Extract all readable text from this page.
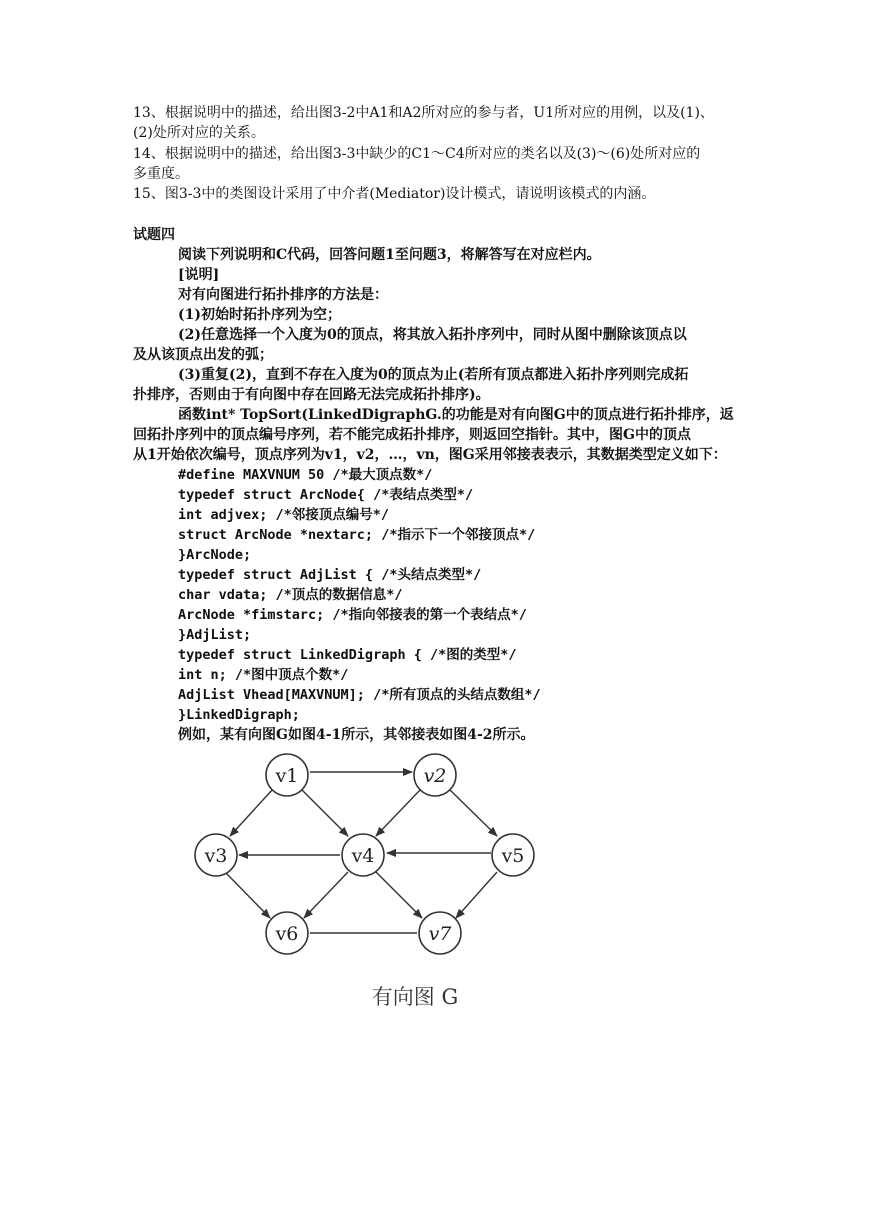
13、根据说明中的描述，给出图3-2中A1和A2所对应的参与者，U1所对应的用例，以及(1)、
(2)处所对应的关系。
14、根据说明中的描述，给出图3-3中缺少的C1～C4所对应的类名以及(3)～(6)处所对应的
多重度。
15、图3-3中的类图设计采用了中介者(Mediator)设计模式，请说明该模式的内涵。
试题四
阅读下列说明和C代码，回答问题1至问题3，将解答写在对应栏内。
[说明]
对有向图进行拓扑排序的方法是：
(1)初始时拓扑序列为空；
(2)任意选择一个入度为0的顶点，将其放入拓扑序列中，同时从图中删除该顶点以
及从该顶点出发的弧；
(3)重复(2)，直到不存在入度为0的顶点为止(若所有顶点都进入拓扑序列则完成拓
扑排序，否则由于有向图中存在回路无法完成拓扑排序)。
函数int* TopSort(LinkedDigraphG.的功能是对有向图G中的顶点进行拓扑排序，返
回拓扑序列中的顶点编号序列，若不能完成拓扑排序，则返回空指针。其中，图G中的顶点
从1开始依次编号，顶点序列为v1，v2，…，vn，图G采用邻接表表示，其数据类型定义如下：
#define MAXVNUM 50 /*最大顶点数*/
typedef struct ArcNode{ /*表结点类型*/
int adjvex; /*邻接顶点编号*/
struct ArcNode *nextarc; /*指示下一个邻接顶点*/
}ArcNode;
typedef struct AdjList { /*头结点类型*/
char vdata; /*顶点的数据信息*/
ArcNode *fimstarc; /*指向邻接表的第一个表结点*/
}AdjList;
typedef struct LinkedDigraph { /*图的类型*/
int n; /*图中顶点个数*/
AdjList Vhead[MAXVNUM]; /*所有顶点的头结点数组*/
}LinkedDigraph;
例如，某有向图G如图4-1所示，其邻接表如图4-2所示。
v1	v2
v3	v4	v5
v6	v7
有向图 G
